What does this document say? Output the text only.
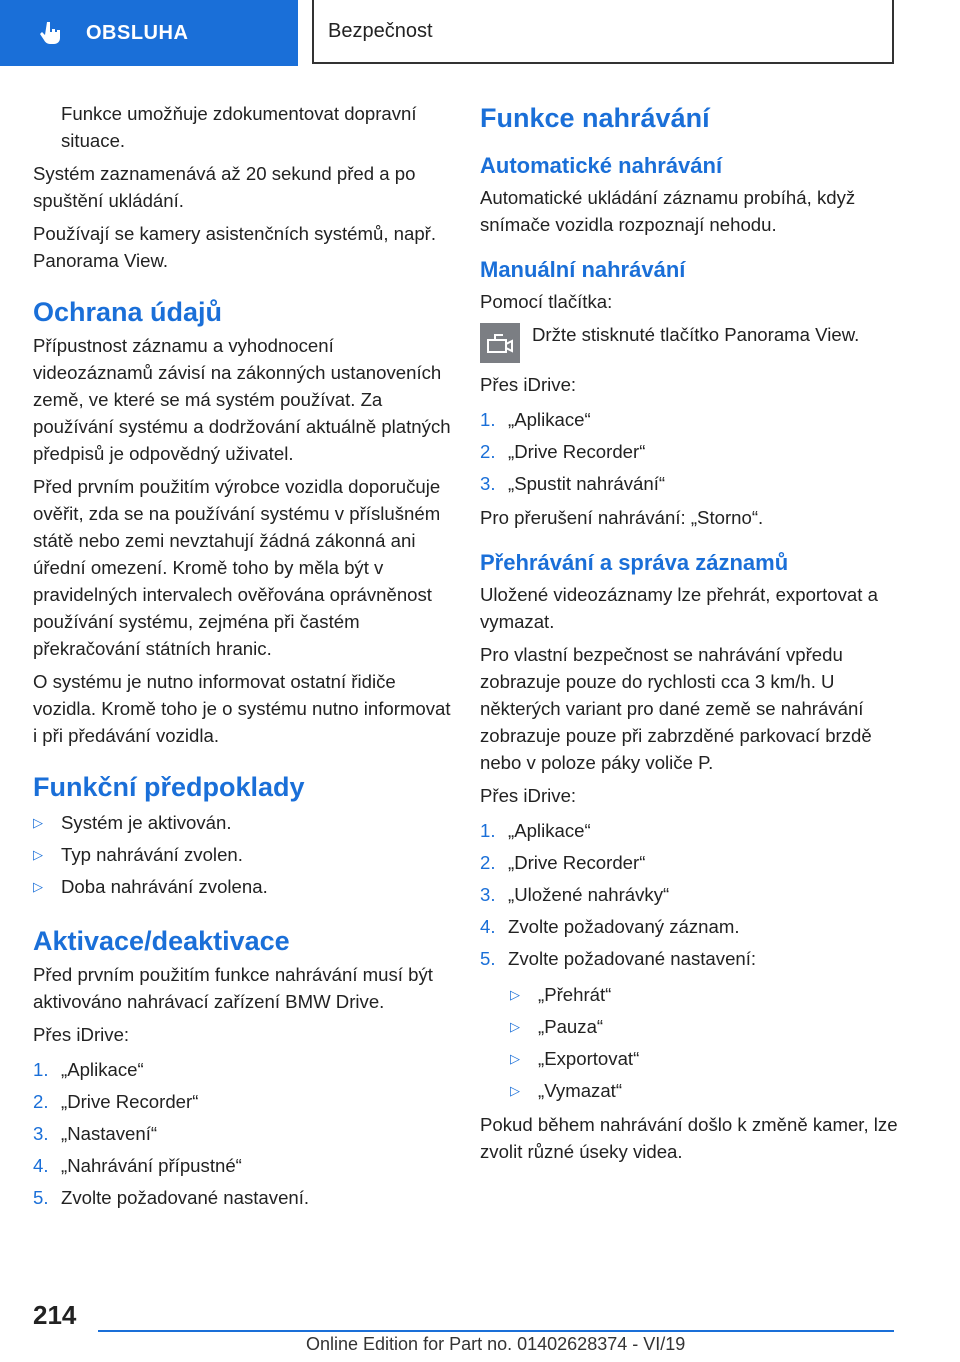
OBSLUHA	Bezpečnost

Funkce umožňuje zdokumentovat dopravní situace.

Systém zaznamenává až 20 sekund před a po spuštění ukládání.

Používají se kamery asistenčních systémů, např. Panorama View.

Ochrana údajů

Přípustnost záznamu a vyhodnocení videozáznamů závisí na zákonných ustanoveních země, ve které se má systém používat. Za používání systému a dodržování aktuálně platných předpisů je odpovědný uživatel.

Před prvním použitím výrobce vozidla doporučuje ověřit, zda se na používání systému v příslušném státě nebo zemi nevztahují žádná zákonná ani úřední omezení. Kromě toho by měla být v pravidelných intervalech ověřována oprávněnost používání systému, zejména při častém překračování státních hranic.

O systému je nutno informovat ostatní řidiče vozidla. Kromě toho je o systému nutno informovat i při předávání vozidla.

Funkční předpoklady
▷ Systém je aktivován.
▷ Typ nahrávání zvolen.
▷ Doba nahrávání zvolena.
Aktivace/deaktivace

Před prvním použitím funkce nahrávání musí být aktivováno nahrávací zařízení BMW Drive.

Přes iDrive:

1. „Aplikace“
2. „Drive Recorder“
3. „Nastavení“
4. „Nahrávání přípustné“
5. Zvolte požadované nastavení.
Funkce nahrávání
Automatické nahrávání

Automatické ukládání záznamu probíhá, když snímače vozidla rozpoznají nehodu.

Manuální nahrávání

Pomocí tlačítka:

Držte stisknuté tlačítko Panorama View.

Přes iDrive:

1. „Aplikace“
2. „Drive Recorder“
3. „Spustit nahrávání“

Pro přerušení nahrávání: „Storno“.

Přehrávání a správa záznamů

Uložené videozáznamy lze přehrát, exportovat a vymazat.

Pro vlastní bezpečnost se nahrávání vpředu zobrazuje pouze do rychlosti cca 3 km/h. U některých variant pro dané země se nahrávání zobrazuje pouze při zabrzděné parkovací brzdě nebo v poloze páky voliče P.

Přes iDrive:

1. „Aplikace“
2. „Drive Recorder“
3. „Uložené nahrávky“
4. Zvolte požadovaný záznam.
5. Zvolte požadované nastavení:
▷ „Přehrát“
▷ „Pauza“
▷ „Exportovat“
▷ „Vymazat“

Pokud během nahrávání došlo k změně kamer, lze zvolit různé úseky videa.

214
Online Edition for Part no. 01402628374 - VI/19
